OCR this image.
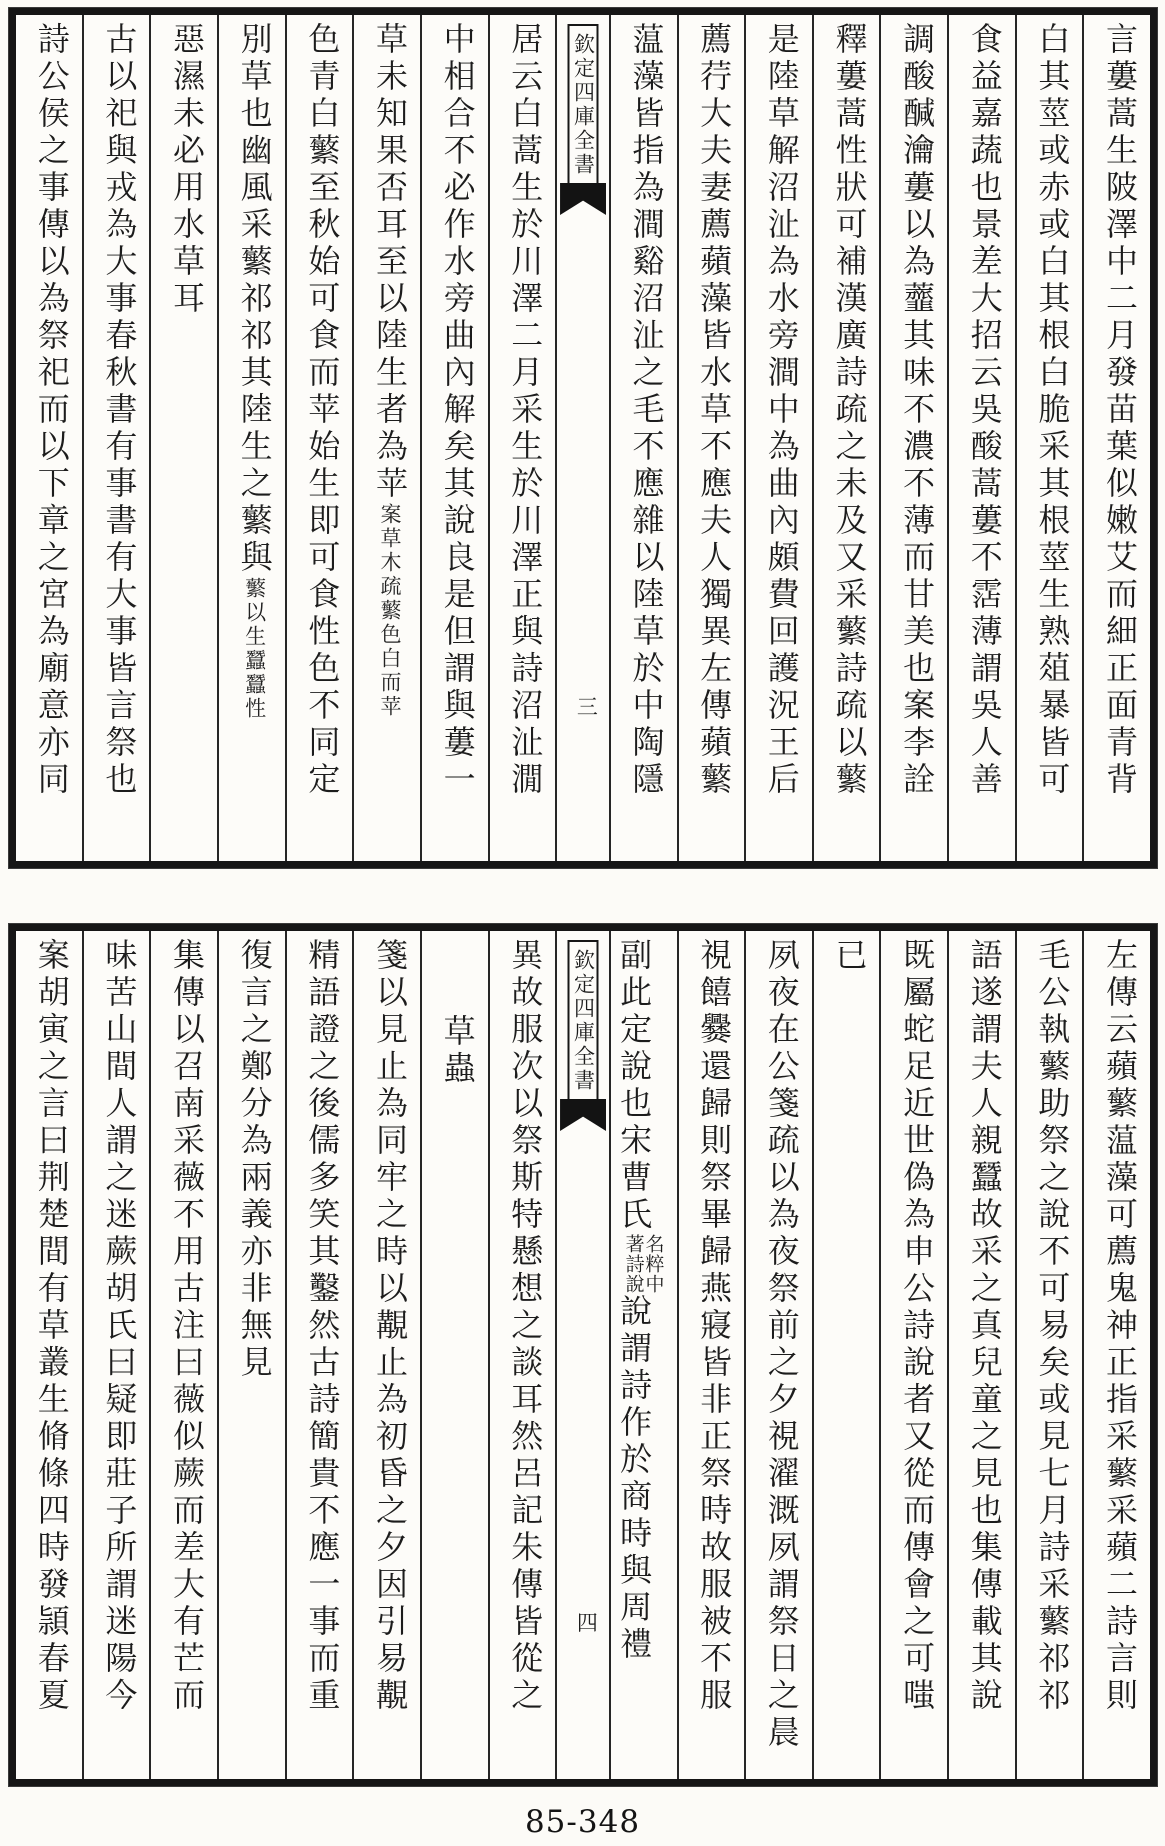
言蔞蒿生陂澤中二月發苗葉似嫩艾而細正面青背
白其莖或赤或白其根白脆采其根莖生熟葅暴皆可
食益嘉蔬也景差大招云吳酸蒿蔞不霑薄謂吳人善
調酸醎瀹蔞以為虀其味不濃不薄而甘美也案李詮
釋蔞蒿性狀可補漢廣詩疏之未及又采蘩詩疏以蘩
是陸草解沼沚為水旁澗中為曲內頗費回護況王后
薦荇大夫妻薦蘋藻皆水草不應夫人獨異左傳蘋蘩
蕰藻皆指為澗谿沼沚之毛不應雜以陸草於中陶隱
欽定四庫全書
三
居云白蒿生於川澤二月采生於川澤正與詩沼沚㵎
中相合不必作水旁曲內解矣其說良是但謂與蔞一
草未知果否耳至以陸生者為苹案草木疏蘩色白而苹
色青白蘩至秋始可食而苹始生即可食性色不同定
別草也幽風采蘩祁祁其陸生之蘩與蘩以生蠶蠶性
惡濕未必用水草耳
古以祀與戎為大事春秋書有事書有大事皆言祭也
詩公侯之事傳以為祭祀而以下章之宮為廟意亦同
左傳云蘋蘩蕰藻可薦鬼神正指采蘩采蘋二詩言則
毛公執蘩助祭之說不可易矣或見七月詩采蘩祁祁
語遂謂夫人親蠶故采之真兒童之見也集傳載其說
既屬蛇足近世偽為申公詩說者又從而傳會之可嗤
已
夙夜在公箋疏以為夜祭前之夕視濯溉夙謂祭日之晨
視饎爨還歸則祭畢歸燕寢皆非正祭時故服被不服
副此定說也宋曹氏
名粹中
著詩說
說謂詩作於商時與周禮
欽定四庫全書
四
異故服次以祭斯特懸想之談耳然呂記朱傳皆從之
草蟲
箋以見止為同牢之時以覯止為初昏之夕因引易覯
精語證之後儒多笑其鑿然古詩簡貴不應一事而重
復言之鄭分為兩義亦非無見
集傳以召南采薇不用古注曰薇似蕨而差大有芒而
味苦山間人謂之迷蕨胡氏曰疑即莊子所謂迷陽今
案胡寅之言曰荆楚間有草叢生脩條四時發頴春夏
85-348
